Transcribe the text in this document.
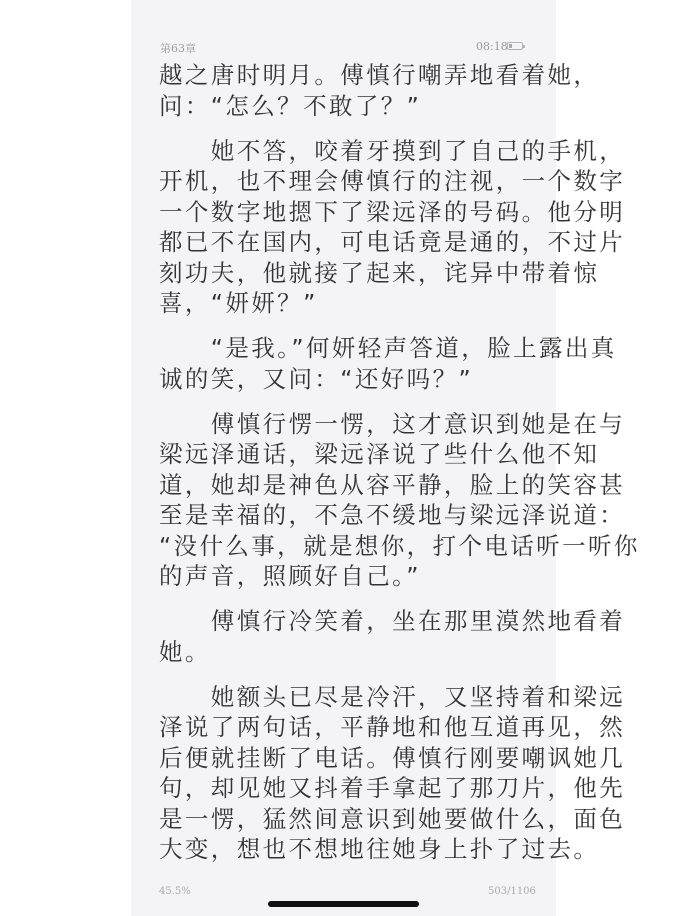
第63章	08:18
越之唐时明月。傅慎行嘲弄地看着她，
问：“怎么？不敢了？”
　　她不答，咬着牙摸到了自己的手机，
开机，也不理会傅慎行的注视，一个数字
一个数字地摁下了梁远泽的号码。他分明
都已不在国内，可电话竟是通的，不过片
刻功夫，他就接了起来，诧异中带着惊
喜，“妍妍？”
　　“是我。”何妍轻声答道，脸上露出真
诚的笑，又问：“还好吗？”
　　傅慎行愣一愣，这才意识到她是在与
梁远泽通话，梁远泽说了些什么他不知
道，她却是神色从容平静，脸上的笑容甚
至是幸福的，不急不缓地与梁远泽说道：
“没什么事，就是想你，打个电话听一听你
的声音，照顾好自己。”
　　傅慎行冷笑着，坐在那里漠然地看着
她。
　　她额头已尽是冷汗，又坚持着和梁远
泽说了两句话，平静地和他互道再见，然
后便就挂断了电话。傅慎行刚要嘲讽她几
句，却见她又抖着手拿起了那刀片，他先
是一愣，猛然间意识到她要做什么，面色
大变，想也不想地往她身上扑了过去。
45.5%	503/1106
